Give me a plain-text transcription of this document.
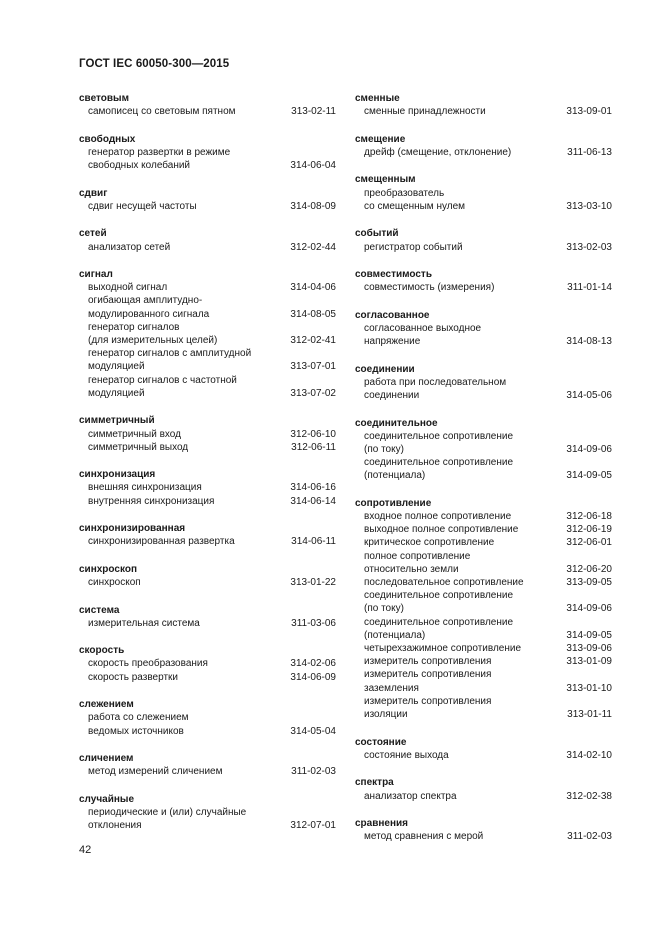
ГОСТ IEC 60050-300—2015
световым
самописец со световым пятном	313-02-11
свободных
генератор развертки в режиме
свободных колебаний	314-06-04
сдвиг
сдвиг несущей частоты	314-08-09
сетей
анализатор сетей	312-02-44
сигнал
выходной сигнал	314-04-06
огибающая амплитудно-
модулированного сигнала	314-08-05
генератор сигналов
(для измерительных целей)	312-02-41
генератор сигналов с амплитудной
модуляцией	313-07-01
генератор сигналов с частотной
модуляцией	313-07-02
симметричный
симметричный вход	312-06-10
симметричный выход	312-06-11
синхронизация
внешняя синхронизация	314-06-16
внутренняя синхронизация	314-06-14
синхронизированная
синхронизированная развертка	314-06-11
синхроскоп
синхроскоп	313-01-22
система
измерительная система	311-03-06
скорость
скорость преобразования	314-02-06
скорость развертки	314-06-09
слежением
работа со слежением
ведомых источников	314-05-04
сличением
метод измерений сличением	311-02-03
случайные
периодические и (или) случайные
отклонения	312-07-01
сменные
сменные принадлежности	313-09-01
смещение
дрейф (смещение, отклонение)	311-06-13
смещенным
преобразователь
со смещенным нулем	313-03-10
событий
регистратор событий	313-02-03
совместимость
совместимость (измерения)	311-01-14
согласованное
согласованное выходное
напряжение	314-08-13
соединении
работа при последовательном
соединении	314-05-06
соединительное
соединительное сопротивление
(по току)	314-09-06
соединительное сопротивление
(потенциала)	314-09-05
сопротивление
входное полное сопротивление	312-06-18
выходное полное сопротивление	312-06-19
критическое сопротивление	312-06-01
полное сопротивление
относительно земли	312-06-20
последовательное сопротивление	313-09-05
соединительное сопротивление
(по току)	314-09-06
соединительное сопротивление
(потенциала)	314-09-05
четырехзажимное сопротивление	313-09-06
измеритель сопротивления	313-01-09
измеритель сопротивления
заземления	313-01-10
измеритель сопротивления
изоляции	313-01-11
состояние
состояние выхода	314-02-10
спектра
анализатор спектра	312-02-38
сравнения
метод сравнения с мерой	311-02-03
42
